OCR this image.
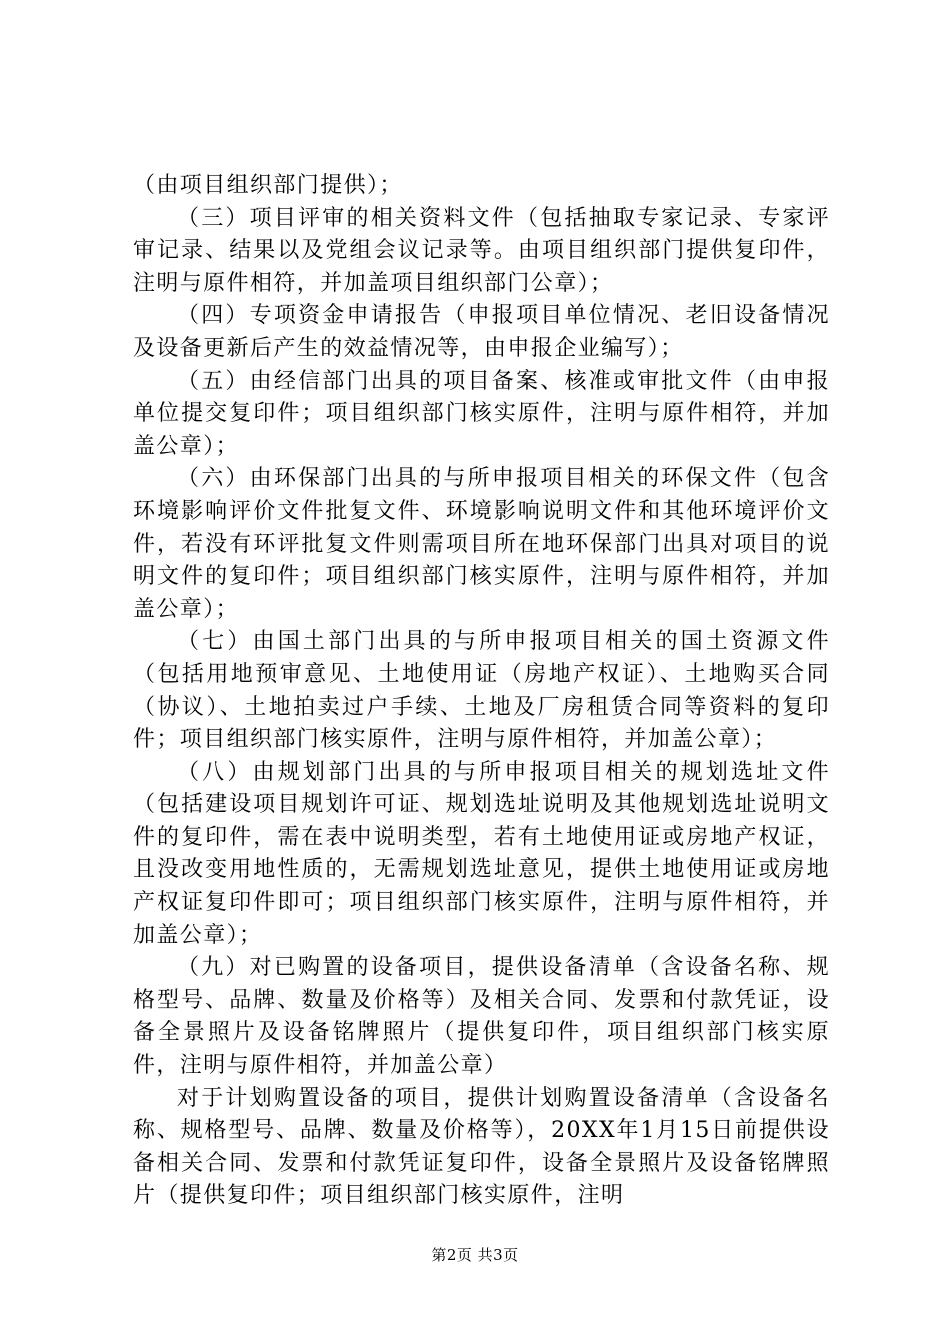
（由项目组织部门提供）；

（三）项目评审的相关资料文件（包括抽取专家记录、专家评审记录、结果以及党组会议记录等。由项目组织部门提供复印件，注明与原件相符，并加盖项目组织部门公章）；

（四）专项资金申请报告（申报项目单位情况、老旧设备情况及设备更新后产生的效益情况等，由申报企业编写）；

（五）由经信部门出具的项目备案、核准或审批文件（由申报单位提交复印件；项目组织部门核实原件，注明与原件相符，并加盖公章）；

（六）由环保部门出具的与所申报项目相关的环保文件（包含环境影响评价文件批复文件、环境影响说明文件和其他环境评价文件，若没有环评批复文件则需项目所在地环保部门出具对项目的说明文件的复印件；项目组织部门核实原件，注明与原件相符，并加盖公章）；

（七）由国土部门出具的与所申报项目相关的国土资源文件（包括用地预审意见、土地使用证（房地产权证）、土地购买合同（协议）、土地拍卖过户手续、土地及厂房租赁合同等资料的复印件；项目组织部门核实原件，注明与原件相符，并加盖公章）；

（八）由规划部门出具的与所申报项目相关的规划选址文件（包括建设项目规划许可证、规划选址说明及其他规划选址说明文件的复印件，需在表中说明类型，若有土地使用证或房地产权证，且没改变用地性质的，无需规划选址意见，提供土地使用证或房地产权证复印件即可；项目组织部门核实原件，注明与原件相符，并加盖公章）；

（九）对已购置的设备项目，提供设备清单（含设备名称、规格型号、品牌、数量及价格等）及相关合同、发票和付款凭证，设备全景照片及设备铭牌照片（提供复印件，项目组织部门核实原件，注明与原件相符，并加盖公章）

对于计划购置设备的项目，提供计划购置设备清单（含设备名称、规格型号、品牌、数量及价格等），20XX年1月15日前提供设备相关合同、发票和付款凭证复印件，设备全景照片及设备铭牌照片（提供复印件；项目组织部门核实原件，注明

第2页 共3页
